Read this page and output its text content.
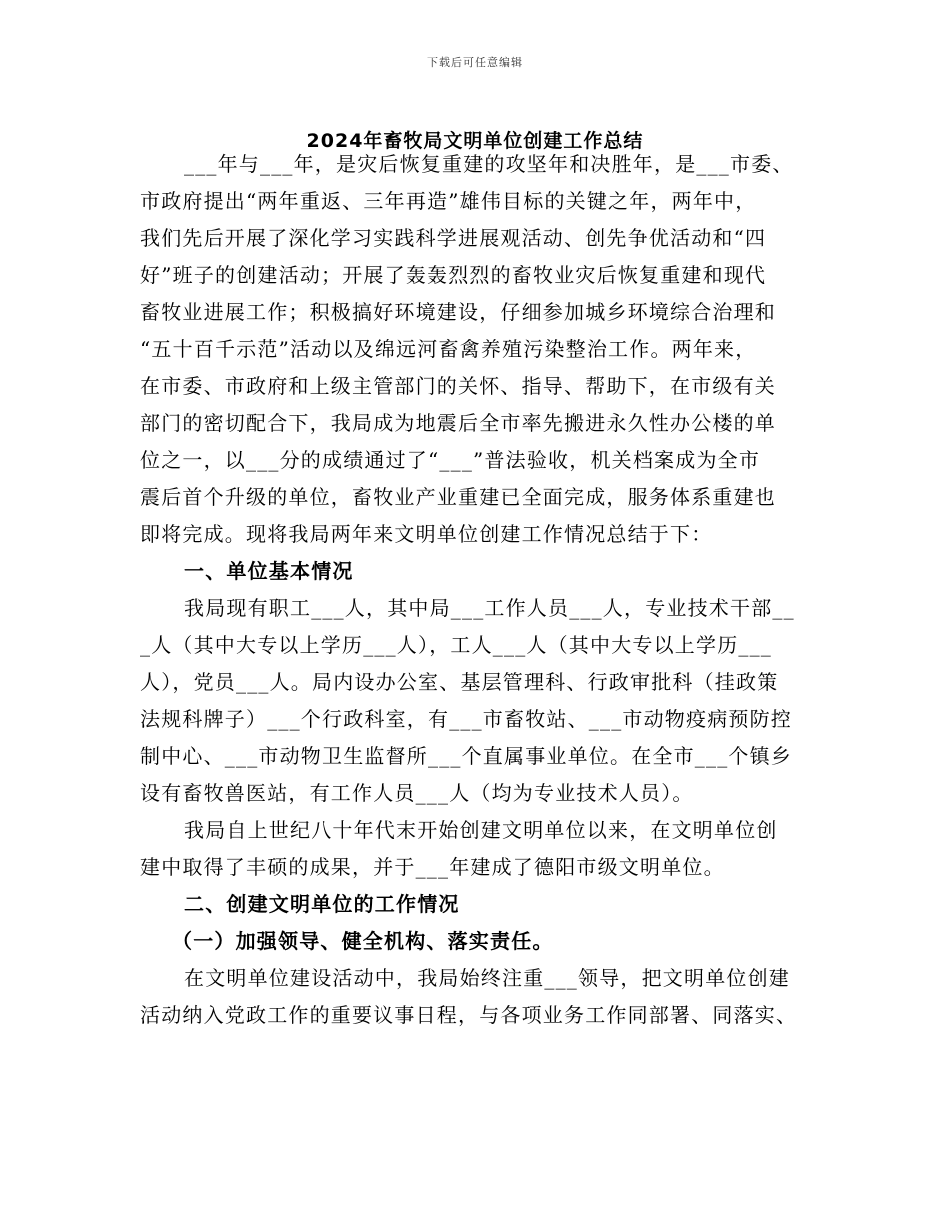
下载后可任意编辑
2024年畜牧局文明单位创建工作总结
___年与___年，是灾后恢复重建的攻坚年和决胜年，是___市委、
市政府提出“两年重返、三年再造”雄伟目标的关键之年，两年中，
我们先后开展了深化学习实践科学进展观活动、创先争优活动和“四
好”班子的创建活动；开展了轰轰烈烈的畜牧业灾后恢复重建和现代
畜牧业进展工作；积极搞好环境建设，仔细参加城乡环境综合治理和
“五十百千示范”活动以及绵远河畜禽养殖污染整治工作。两年来，
在市委、市政府和上级主管部门的关怀、指导、帮助下，在市级有关
部门的密切配合下，我局成为地震后全市率先搬进永久性办公楼的单
位之一，以___分的成绩通过了“___”普法验收，机关档案成为全市
震后首个升级的单位，畜牧业产业重建已全面完成，服务体系重建也
即将完成。现将我局两年来文明单位创建工作情况总结于下：
一、单位基本情况
我局现有职工___人，其中局___工作人员___人，专业技术干部__
_人（其中大专以上学历___人），工人___人（其中大专以上学历___
人），党员___人。局内设办公室、基层管理科、行政审批科（挂政策
法规科牌子）___个行政科室，有___市畜牧站、___市动物疫病预防控
制中心、___市动物卫生监督所___个直属事业单位。在全市___个镇乡
设有畜牧兽医站，有工作人员___人（均为专业技术人员）。
我局自上世纪八十年代末开始创建文明单位以来，在文明单位创
建中取得了丰硕的成果，并于___年建成了德阳市级文明单位。
二、创建文明单位的工作情况
（一）加强领导、健全机构、落实责任。
在文明单位建设活动中，我局始终注重___领导，把文明单位创建
活动纳入党政工作的重要议事日程，与各项业务工作同部署、同落实、
